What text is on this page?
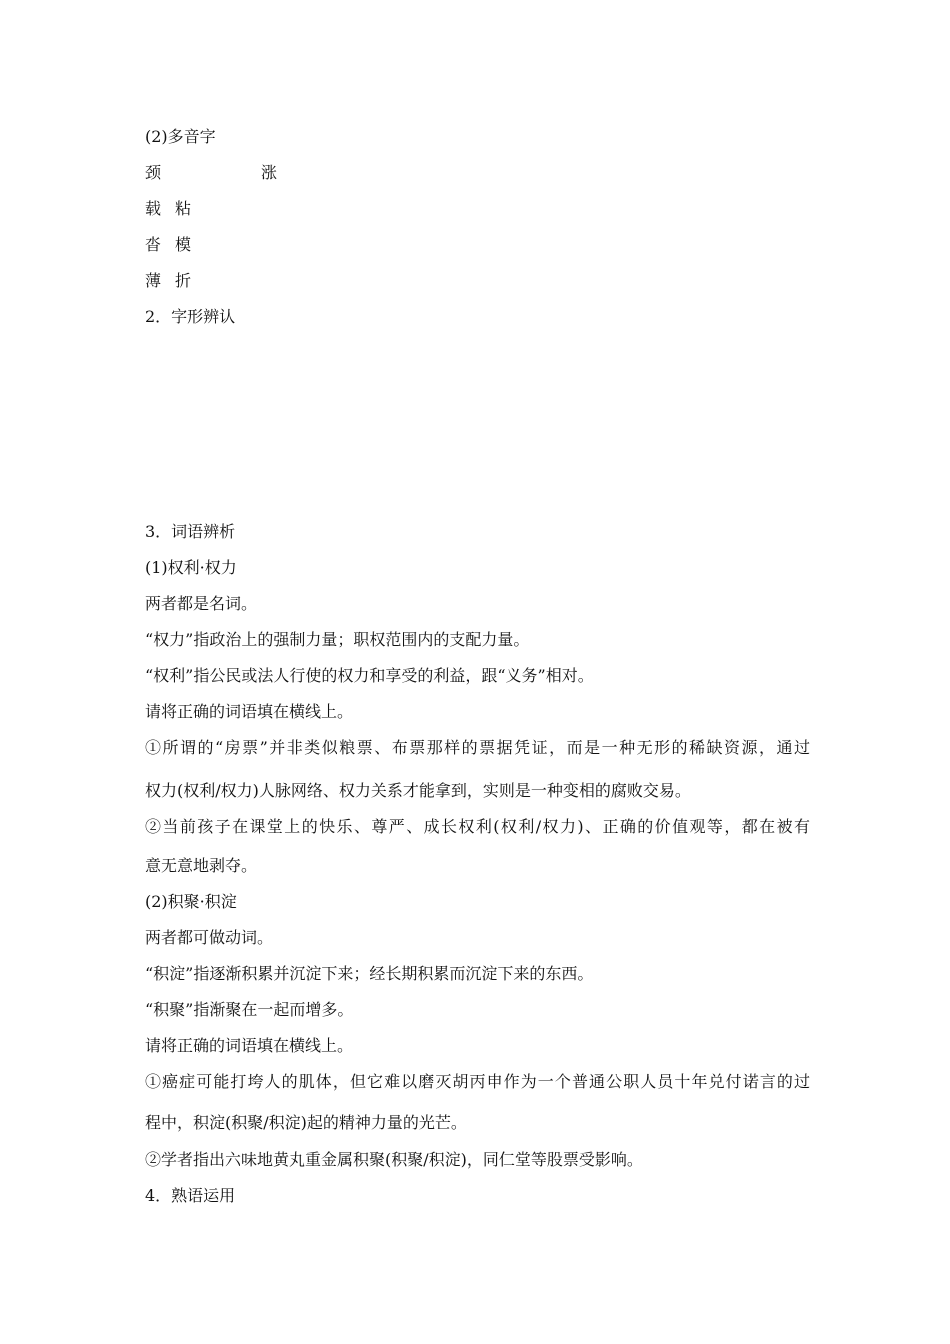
(2)多音字
颈	涨
载 粘
沓 模
薄 折
2．字形辨认
3．词语辨析
(1)权利·权力
两者都是名词。
“权力”指政治上的强制力量；职权范围内的支配力量。
“权利”指公民或法人行使的权力和享受的利益，跟“义务”相对。
请将正确的词语填在横线上。
①所谓的“房票”并非类似粮票、布票那样的票据凭证，而是一种无形的稀缺资源，通过
权力(权利/权力)人脉网络、权力关系才能拿到，实则是一种变相的腐败交易。
②当前孩子在课堂上的快乐、尊严、成长权利(权利/权力)、正确的价值观等，都在被有
意无意地剥夺。
(2)积聚·积淀
两者都可做动词。
“积淀”指逐渐积累并沉淀下来；经长期积累而沉淀下来的东西。
“积聚”指渐聚在一起而增多。
请将正确的词语填在横线上。
①癌症可能打垮人的肌体，但它难以磨灭胡丙申作为一个普通公职人员十年兑付诺言的过
程中，积淀(积聚/积淀)起的精神力量的光芒。
②学者指出六味地黄丸重金属积聚(积聚/积淀)，同仁堂等股票受影响。
4．熟语运用
